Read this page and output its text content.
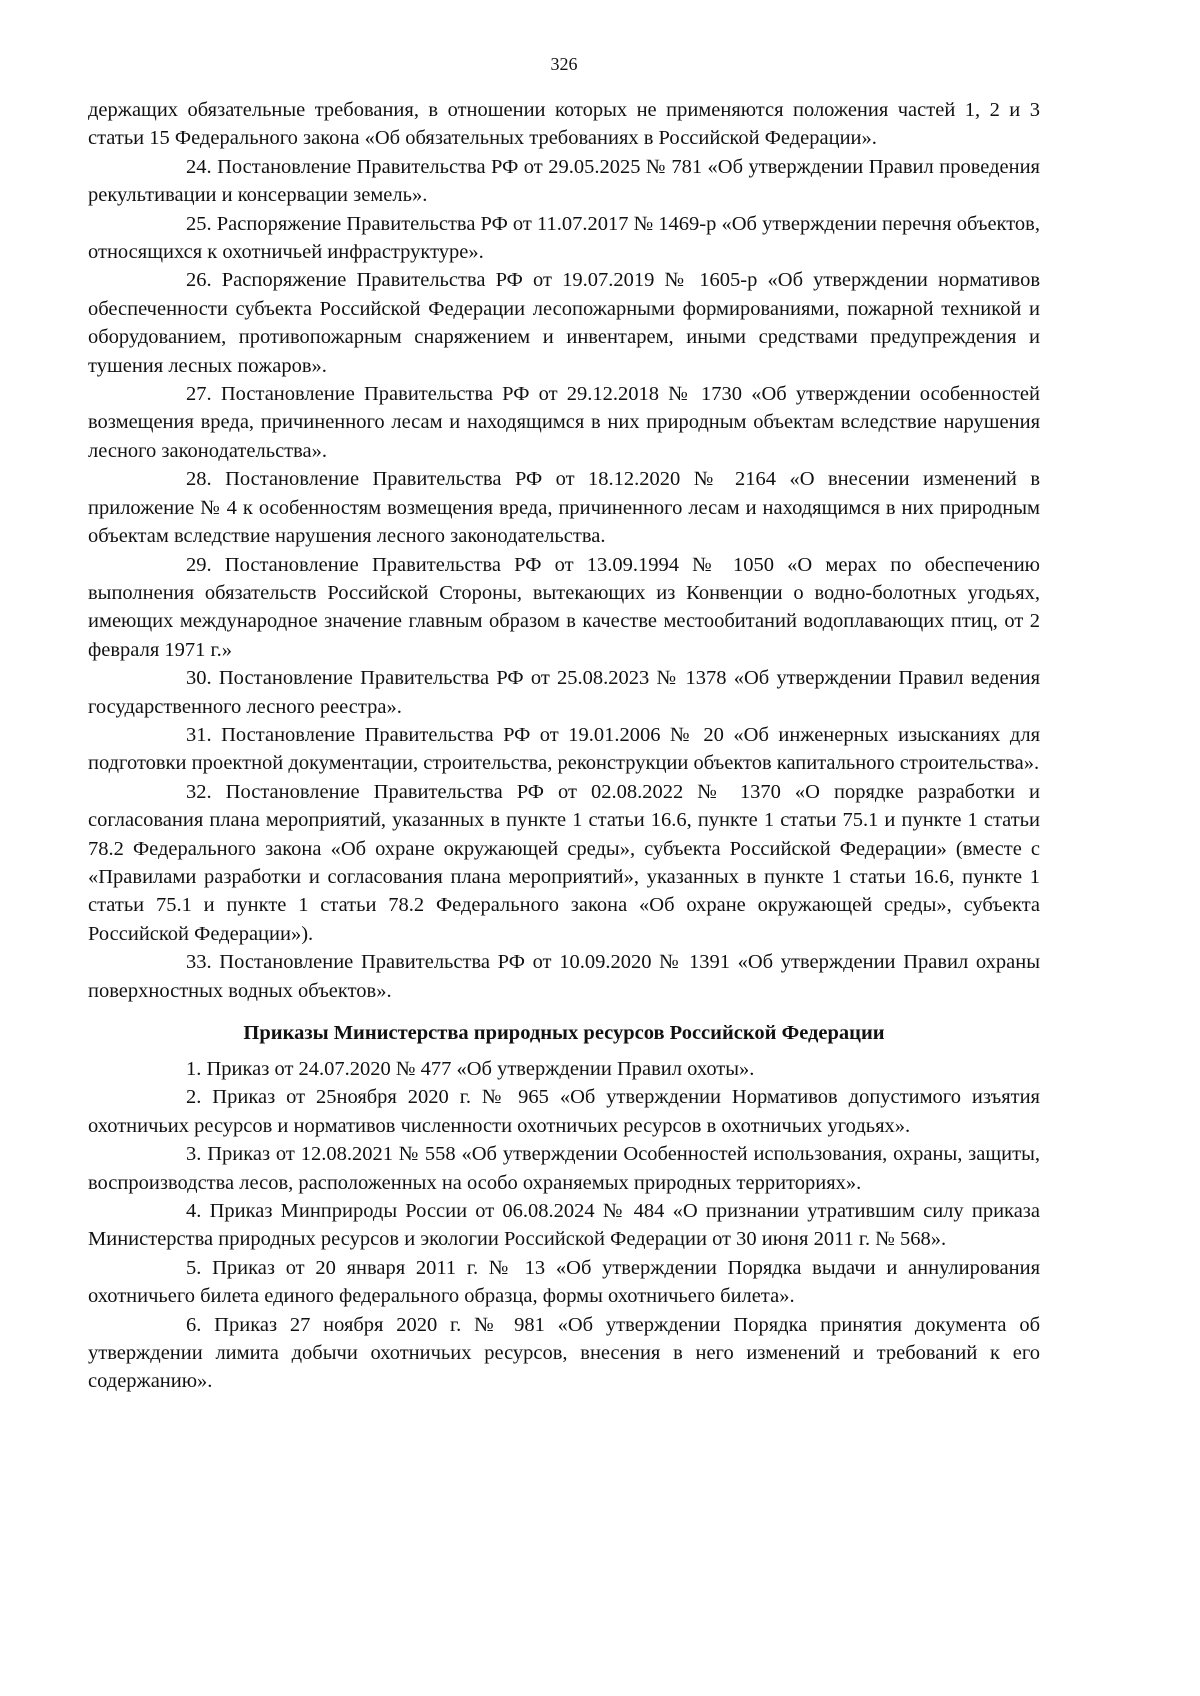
326

держащих обязательные требования, в отношении которых не применяются положения частей 1, 2 и 3 статьи 15 Федерального закона «Об обязательных требованиях в Российской Федерации».

24. Постановление Правительства РФ от 29.05.2025 № 781 «Об утверждении Правил проведения рекультивации и консервации земель».

25. Распоряжение Правительства РФ от 11.07.2017 № 1469-р «Об утверждении перечня объектов, относящихся к охотничьей инфраструктуре».

26. Распоряжение Правительства РФ от 19.07.2019 № 1605-р «Об утверждении нормативов обеспеченности субъекта Российской Федерации лесопожарными формированиями, пожарной техникой и оборудованием, противопожарным снаряжением и инвентарем, иными средствами предупреждения и тушения лесных пожаров».

27. Постановление Правительства РФ от 29.12.2018 № 1730 «Об утверждении особенностей возмещения вреда, причиненного лесам и находящимся в них природным объектам вследствие нарушения лесного законодательства».

28. Постановление Правительства РФ от 18.12.2020 № 2164 «О внесении изменений в приложение № 4 к особенностям возмещения вреда, причиненного лесам и находящимся в них природным объектам вследствие нарушения лесного законодательства.

29. Постановление Правительства РФ от 13.09.1994 № 1050 «О мерах по обеспечению выполнения обязательств Российской Стороны, вытекающих из Конвенции о водно-болотных угодьях, имеющих международное значение главным образом в качестве местообитаний водоплавающих птиц, от 2 февраля 1971 г.»

30. Постановление Правительства РФ от 25.08.2023 № 1378 «Об утверждении Правил ведения государственного лесного реестра».

31. Постановление Правительства РФ от 19.01.2006 № 20 «Об инженерных изысканиях для подготовки проектной документации, строительства, реконструкции объектов капитального строительства».

32. Постановление Правительства РФ от 02.08.2022 № 1370 «О порядке разработки и согласования плана мероприятий, указанных в пункте 1 статьи 16.6, пункте 1 статьи 75.1 и пункте 1 статьи 78.2 Федерального закона «Об охране окружающей среды», субъекта Российской Федерации» (вместе с «Правилами разработки и согласования плана мероприятий», указанных в пункте 1 статьи 16.6, пункте 1 статьи 75.1 и пункте 1 статьи 78.2 Федерального закона «Об охране окружающей среды», субъекта Российской Федерации»).

33. Постановление Правительства РФ от 10.09.2020 № 1391 «Об утверждении Правил охраны поверхностных водных объектов».

Приказы Министерства природных ресурсов Российской Федерации

1. Приказ от 24.07.2020 № 477 «Об утверждении Правил охоты».

2. Приказ от 25ноября 2020 г. № 965 «Об утверждении Нормативов допустимого изъятия охотничьих ресурсов и нормативов численности охотничьих ресурсов в охотничьих угодьях».

3. Приказ от 12.08.2021 № 558 «Об утверждении Особенностей использования, охраны, защиты, воспроизводства лесов, расположенных на особо охраняемых природных территориях».

4. Приказ Минприроды России от 06.08.2024 № 484 «О признании утратившим силу приказа Министерства природных ресурсов и экологии Российской Федерации от 30 июня 2011 г. № 568».

5. Приказ от 20 января 2011 г. № 13 «Об утверждении Порядка выдачи и аннулирования охотничьего билета единого федерального образца, формы охотничьего билета».

6. Приказ 27 ноября 2020 г. № 981 «Об утверждении Порядка принятия документа об утверждении лимита добычи охотничьих ресурсов, внесения в него изменений и требований к его содержанию».
